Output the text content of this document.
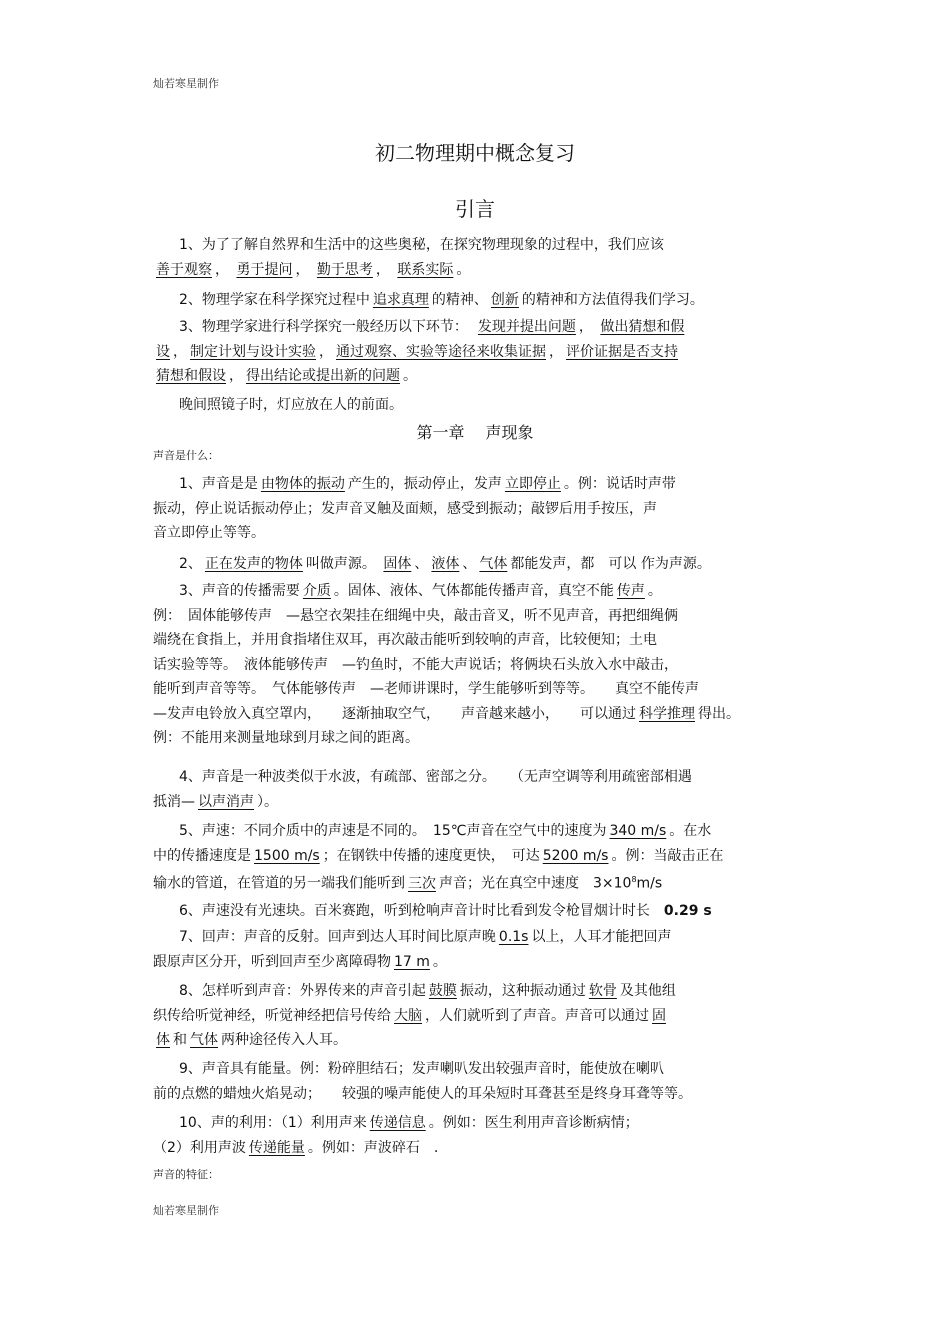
灿若寒星制作
初二物理期中概念复习
引言
1、为了了解自然界和生活中的这些奥秘，在探究物理现象的过程中，我们应该
善于观察 ， 勇于提问 ， 勤于思考 ， 联系实际 。
2、物理学家在科学探究过程中 追求真理 的精神、 创新 的精神和方法值得我们学习。
3、物理学家进行科学探究一般经历以下环节：　 发现并提出问题 ， 做出猜想和假
设 ， 制定计划与设计实验 ， 通过观察、实验等途径来收集证据 ， 评价证据是否支持
猜想和假设 ， 得出结论或提出新的问题 。
晚间照镜子时，灯应放在人的前面。
第一章　 声现象
声音是什么：
1、声音是是 由物体的振动 产生的，振动停止，发声 立即停止 。例：说话时声带
振动，停止说话振动停止；发声音叉触及面颊，感受到振动；敲锣后用手按压，声
音立即停止等等。
2、 正在发声的物体 叫做声源。 固体 、 液体 、 气体 都能发声，都　可以 作为声源。
3、声音的传播需要 介质 。固体、液体、气体都能传播声音，真空不能 传声 。
例：　固体能够传声　—悬空衣架挂在细绳中央，敲击音叉，听不见声音，再把细绳俩
端绕在食指上，并用食指堵住双耳，再次敲击能听到较响的声音，比较便知；土电
话实验等等。　液体能够传声　—钓鱼时，不能大声说话；将俩块石头放入水中敲击，
能听到声音等等。　气体能够传声　—老师讲课时，学生能够听到等等。　　真空不能传声
—发声电铃放入真空罩内，　　逐渐抽取空气，　　声音越来越小，　　可以通过 科学推理 得出。
例：不能用来测量地球到月球之间的距离。
4、声音是一种波类似于水波，有疏部、密部之分。　　（无声空调等利用疏密部相遇
抵消— 以声消声 ）。
5、声速：不同介质中的声速是不同的。　15℃声音在空气中的速度为 340 m/s 。在水
中的传播速度是 1500 m/s ；在钢铁中传播的速度更快，　可达 5200 m/s 。例：当敲击正在
输水的管道，在管道的另一端我们能听到 三次 声音；光在真空中速度　$3\times 10^8m/s$
6、声速没有光速块。百米赛跑，听到枪响声音计时比看到发令枪冒烟计时长　 0.29 s
7、回声：声音的反射。回声到达人耳时间比原声晚 0.1s 以上，人耳才能把回声
跟原声区分开，听到回声至少离障碍物 17 m 。
8、怎样听到声音：外界传来的声音引起 鼓膜 振动，这种振动通过 软骨 及其他组
织传给听觉神经，听觉神经把信号传给 大脑 ，人们就听到了声音。声音可以通过 固
体 和 气体 两种途径传入人耳。
9、声音具有能量。例：粉碎胆结石；发声喇叭发出较强声音时，能使放在喇叭
前的点燃的蜡烛火焰晃动；　　较强的噪声能使人的耳朵短时耳聋甚至是终身耳聋等等。
10、声的利用：（1）利用声来 传递信息 。例如：医生利用声音诊断病情；
（2）利用声波 传递能量 。例如：声波碎石　.
声音的特征：
灿若寒星制作
